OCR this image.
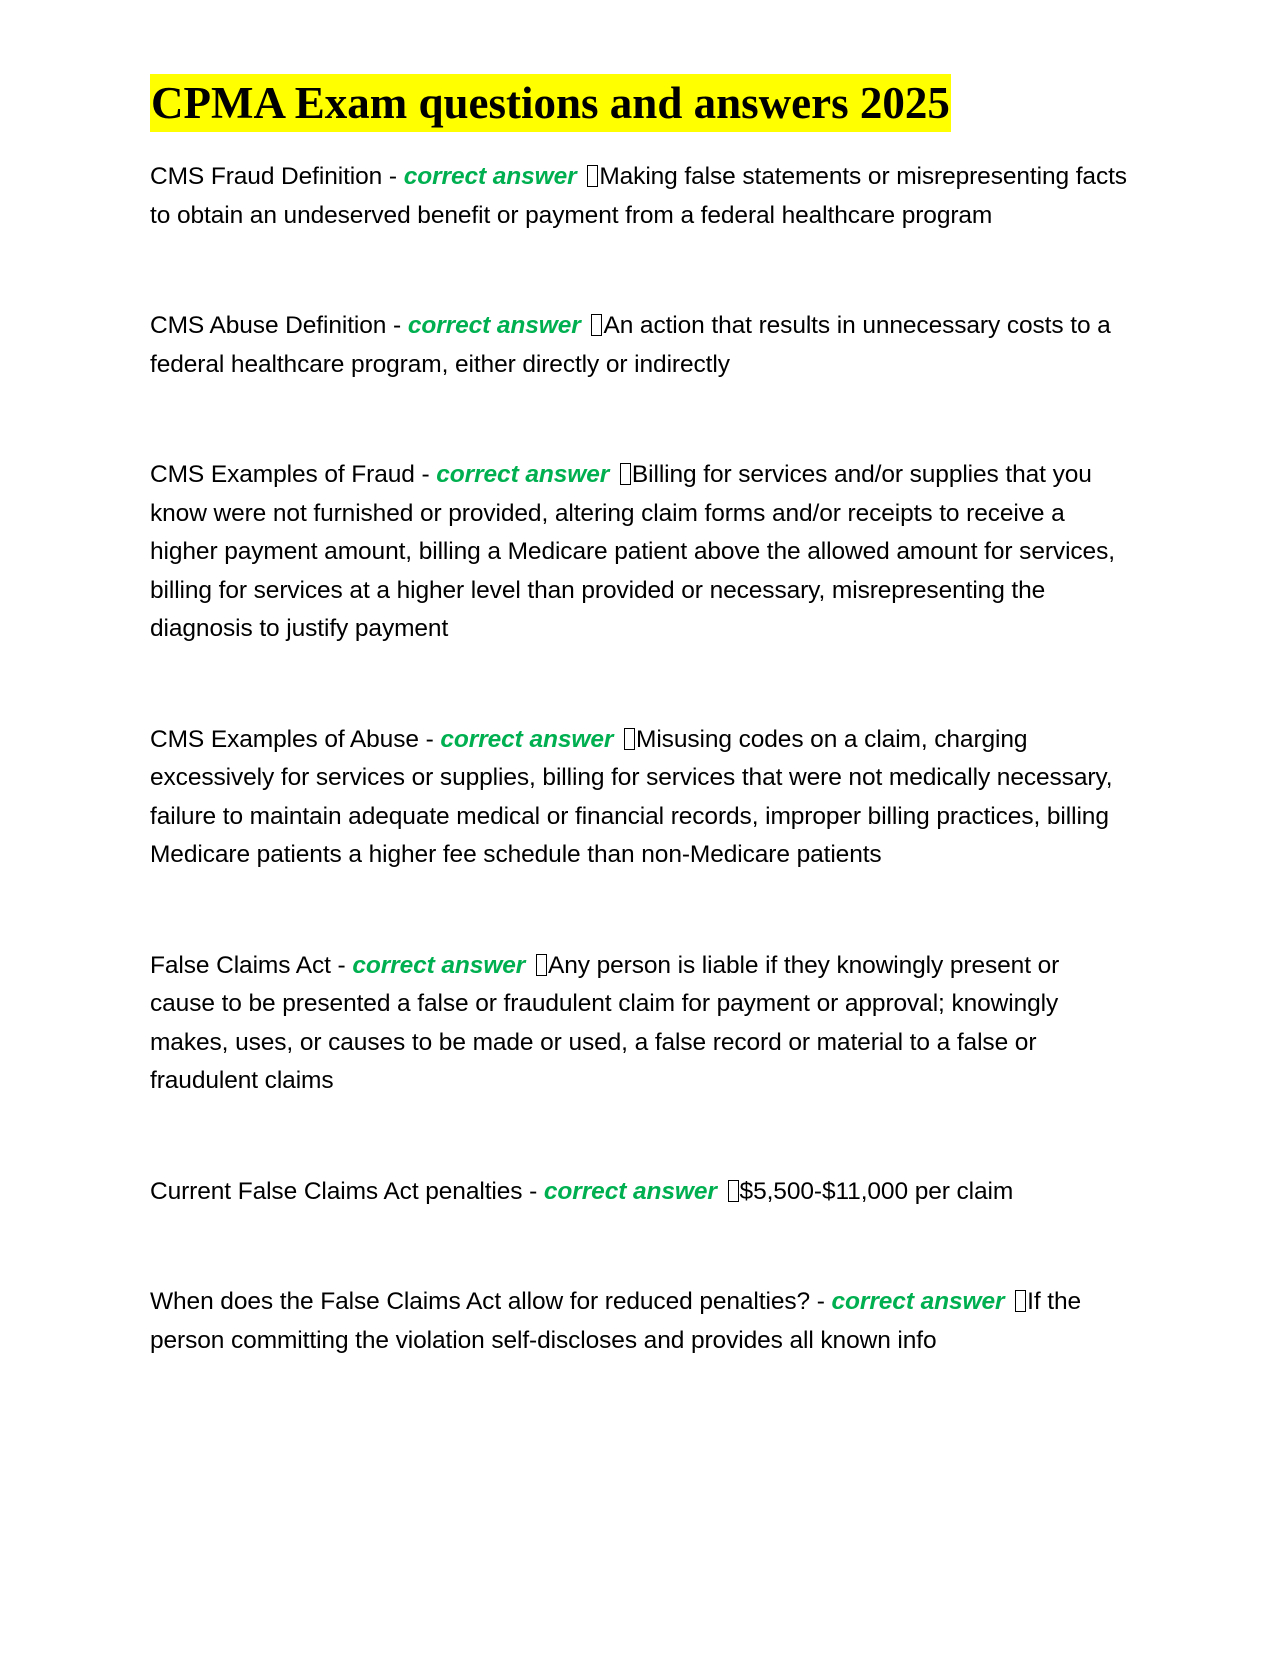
CPMA Exam questions and answers 2025

CMS Fraud Definition - correct answer Making false statements or misrepresenting facts to obtain an undeserved benefit or payment from a federal healthcare program

CMS Abuse Definition - correct answer An action that results in unnecessary costs to a federal healthcare program, either directly or indirectly

CMS Examples of Fraud - correct answer Billing for services and/or supplies that you know were not furnished or provided, altering claim forms and/or receipts to receive a higher payment amount, billing a Medicare patient above the allowed amount for services, billing for services at a higher level than provided or necessary, misrepresenting the diagnosis to justify payment

CMS Examples of Abuse - correct answer Misusing codes on a claim, charging excessively for services or supplies, billing for services that were not medically necessary, failure to maintain adequate medical or financial records, improper billing practices, billing Medicare patients a higher fee schedule than non-Medicare patients

False Claims Act - correct answer Any person is liable if they knowingly present or cause to be presented a false or fraudulent claim for payment or approval; knowingly makes, uses, or causes to be made or used, a false record or material to a false or fraudulent claims

Current False Claims Act penalties - correct answer $5,500-$11,000 per claim

When does the False Claims Act allow for reduced penalties? - correct answer If the person committing the violation self-discloses and provides all known info
